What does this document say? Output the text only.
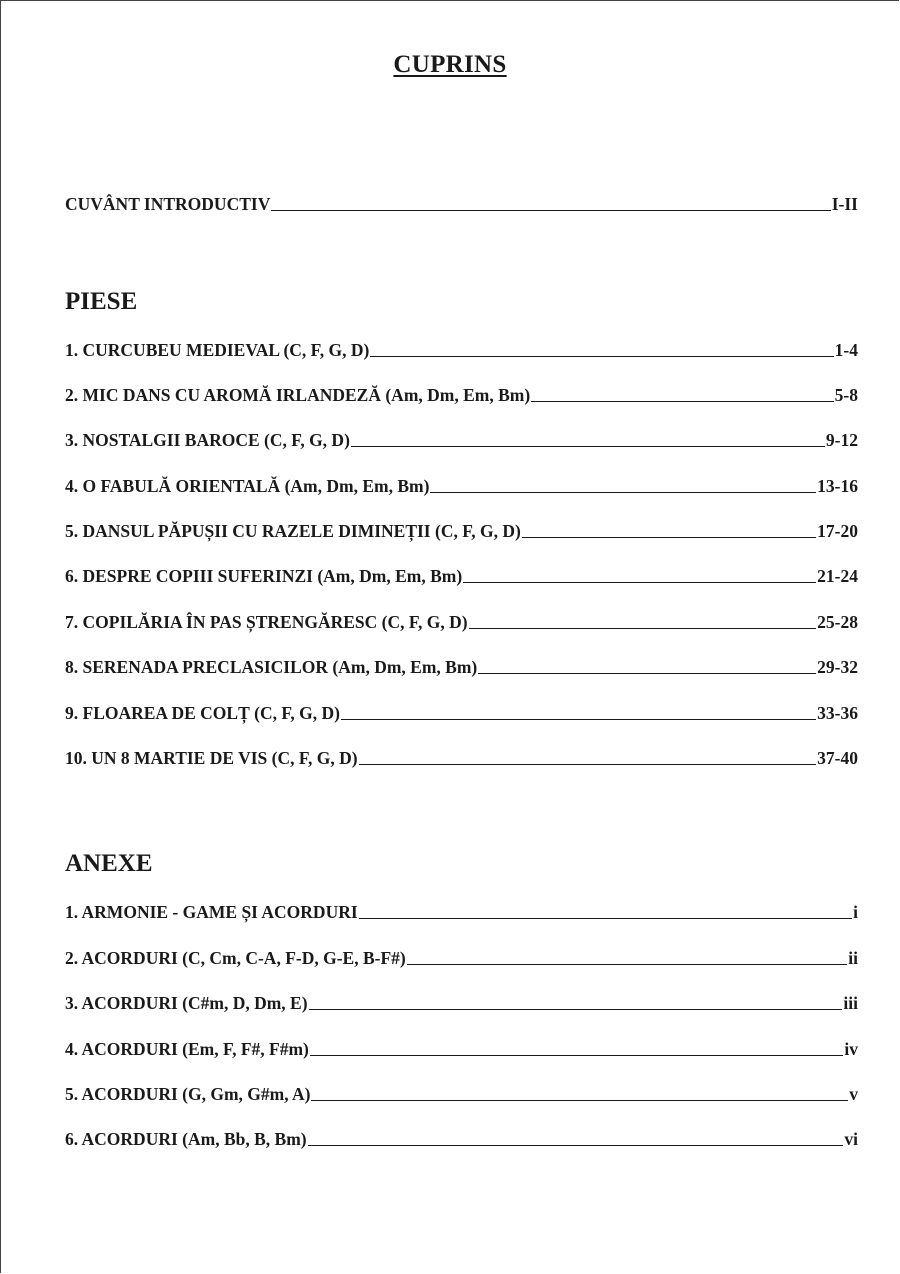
CUPRINS
CUVÂNT INTRODUCTIV	I-II
PIESE
1. CURCUBEU MEDIEVAL (C, F, G, D)	1-4
2. MIC DANS CU AROMĂ IRLANDEZĂ (Am, Dm, Em, Bm)	5-8
3. NOSTALGII BAROCE (C, F, G, D)	9-12
4. O FABULĂ ORIENTALĂ (Am, Dm, Em, Bm)	13-16
5. DANSUL PĂPUȘII CU RAZELE DIMINEȚII (C, F, G, D)	17-20
6. DESPRE COPIII SUFERINZI (Am, Dm, Em, Bm)	21-24
7. COPILĂRIA ÎN PAS ȘTRENGĂRESC (C, F, G, D)	25-28
8. SERENADA PRECLASICILOR (Am, Dm, Em, Bm)	29-32
9. FLOAREA DE COLȚ (C, F, G, D)	33-36
10. UN 8 MARTIE DE VIS (C, F, G, D)	37-40
ANEXE
1. ARMONIE - GAME ȘI ACORDURI	i
2. ACORDURI (C, Cm, C-A, F-D, G-E, B-F#)	ii
3. ACORDURI (C#m, D, Dm, E)	iii
4. ACORDURI (Em, F, F#, F#m)	iv
5. ACORDURI (G, Gm, G#m, A)	v
6. ACORDURI (Am, Bb, B, Bm)	vi
